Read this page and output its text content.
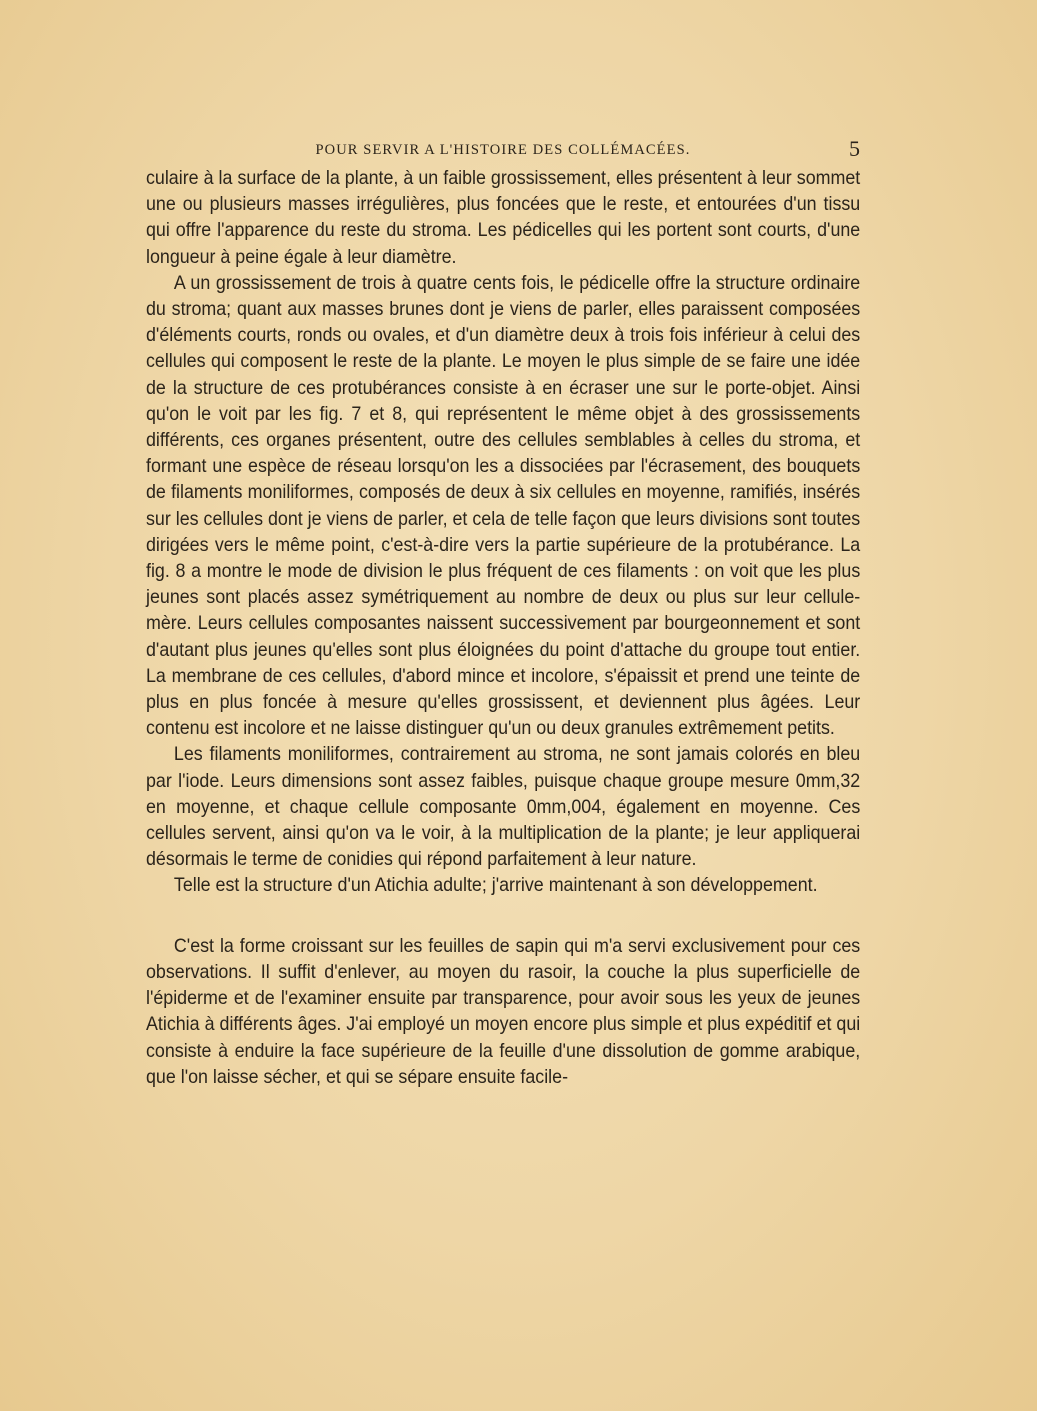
POUR SERVIR A L'HISTOIRE DES COLLÉMACÉES.	5

culaire à la surface de la plante, à un faible grossissement, elles présentent à leur sommet une ou plusieurs masses irrégulières, plus foncées que le reste, et entourées d'un tissu qui offre l'apparence du reste du stroma. Les pédicelles qui les portent sont courts, d'une longueur à peine égale à leur diamètre.

A un grossissement de trois à quatre cents fois, le pédicelle offre la structure ordinaire du stroma; quant aux masses brunes dont je viens de parler, elles paraissent composées d'éléments courts, ronds ou ovales, et d'un diamètre deux à trois fois inférieur à celui des cellules qui composent le reste de la plante. Le moyen le plus simple de se faire une idée de la structure de ces protubérances consiste à en écraser une sur le porte-objet. Ainsi qu'on le voit par les fig. 7 et 8, qui représentent le même objet à des grossissements différents, ces organes présentent, outre des cellules semblables à celles du stroma, et formant une espèce de réseau lorsqu'on les a dissociées par l'écrasement, des bouquets de filaments moniliformes, composés de deux à six cellules en moyenne, ramifiés, insérés sur les cellules dont je viens de parler, et cela de telle façon que leurs divisions sont toutes dirigées vers le même point, c'est-à-dire vers la partie supérieure de la protubérance. La fig. 8 a montre le mode de division le plus fréquent de ces filaments : on voit que les plus jeunes sont placés assez symétriquement au nombre de deux ou plus sur leur cellule-mère. Leurs cellules composantes naissent successivement par bourgeonnement et sont d'autant plus jeunes qu'elles sont plus éloignées du point d'attache du groupe tout entier. La membrane de ces cellules, d'abord mince et incolore, s'épaissit et prend une teinte de plus en plus foncée à mesure qu'elles grossissent, et deviennent plus âgées. Leur contenu est incolore et ne laisse distinguer qu'un ou deux granules extrêmement petits.

Les filaments moniliformes, contrairement au stroma, ne sont jamais colorés en bleu par l'iode. Leurs dimensions sont assez faibles, puisque chaque groupe mesure 0mm,32 en moyenne, et chaque cellule composante 0mm,004, également en moyenne. Ces cellules servent, ainsi qu'on va le voir, à la multiplication de la plante; je leur appliquerai désormais le terme de conidies qui répond parfaitement à leur nature.

Telle est la structure d'un Atichia adulte; j'arrive maintenant à son développement.

C'est la forme croissant sur les feuilles de sapin qui m'a servi exclusivement pour ces observations. Il suffit d'enlever, au moyen du rasoir, la couche la plus superficielle de l'épiderme et de l'examiner ensuite par transparence, pour avoir sous les yeux de jeunes Atichia à différents âges. J'ai employé un moyen encore plus simple et plus expéditif et qui consiste à enduire la face supérieure de la feuille d'une dissolution de gomme arabique, que l'on laisse sécher, et qui se sépare ensuite facile-
